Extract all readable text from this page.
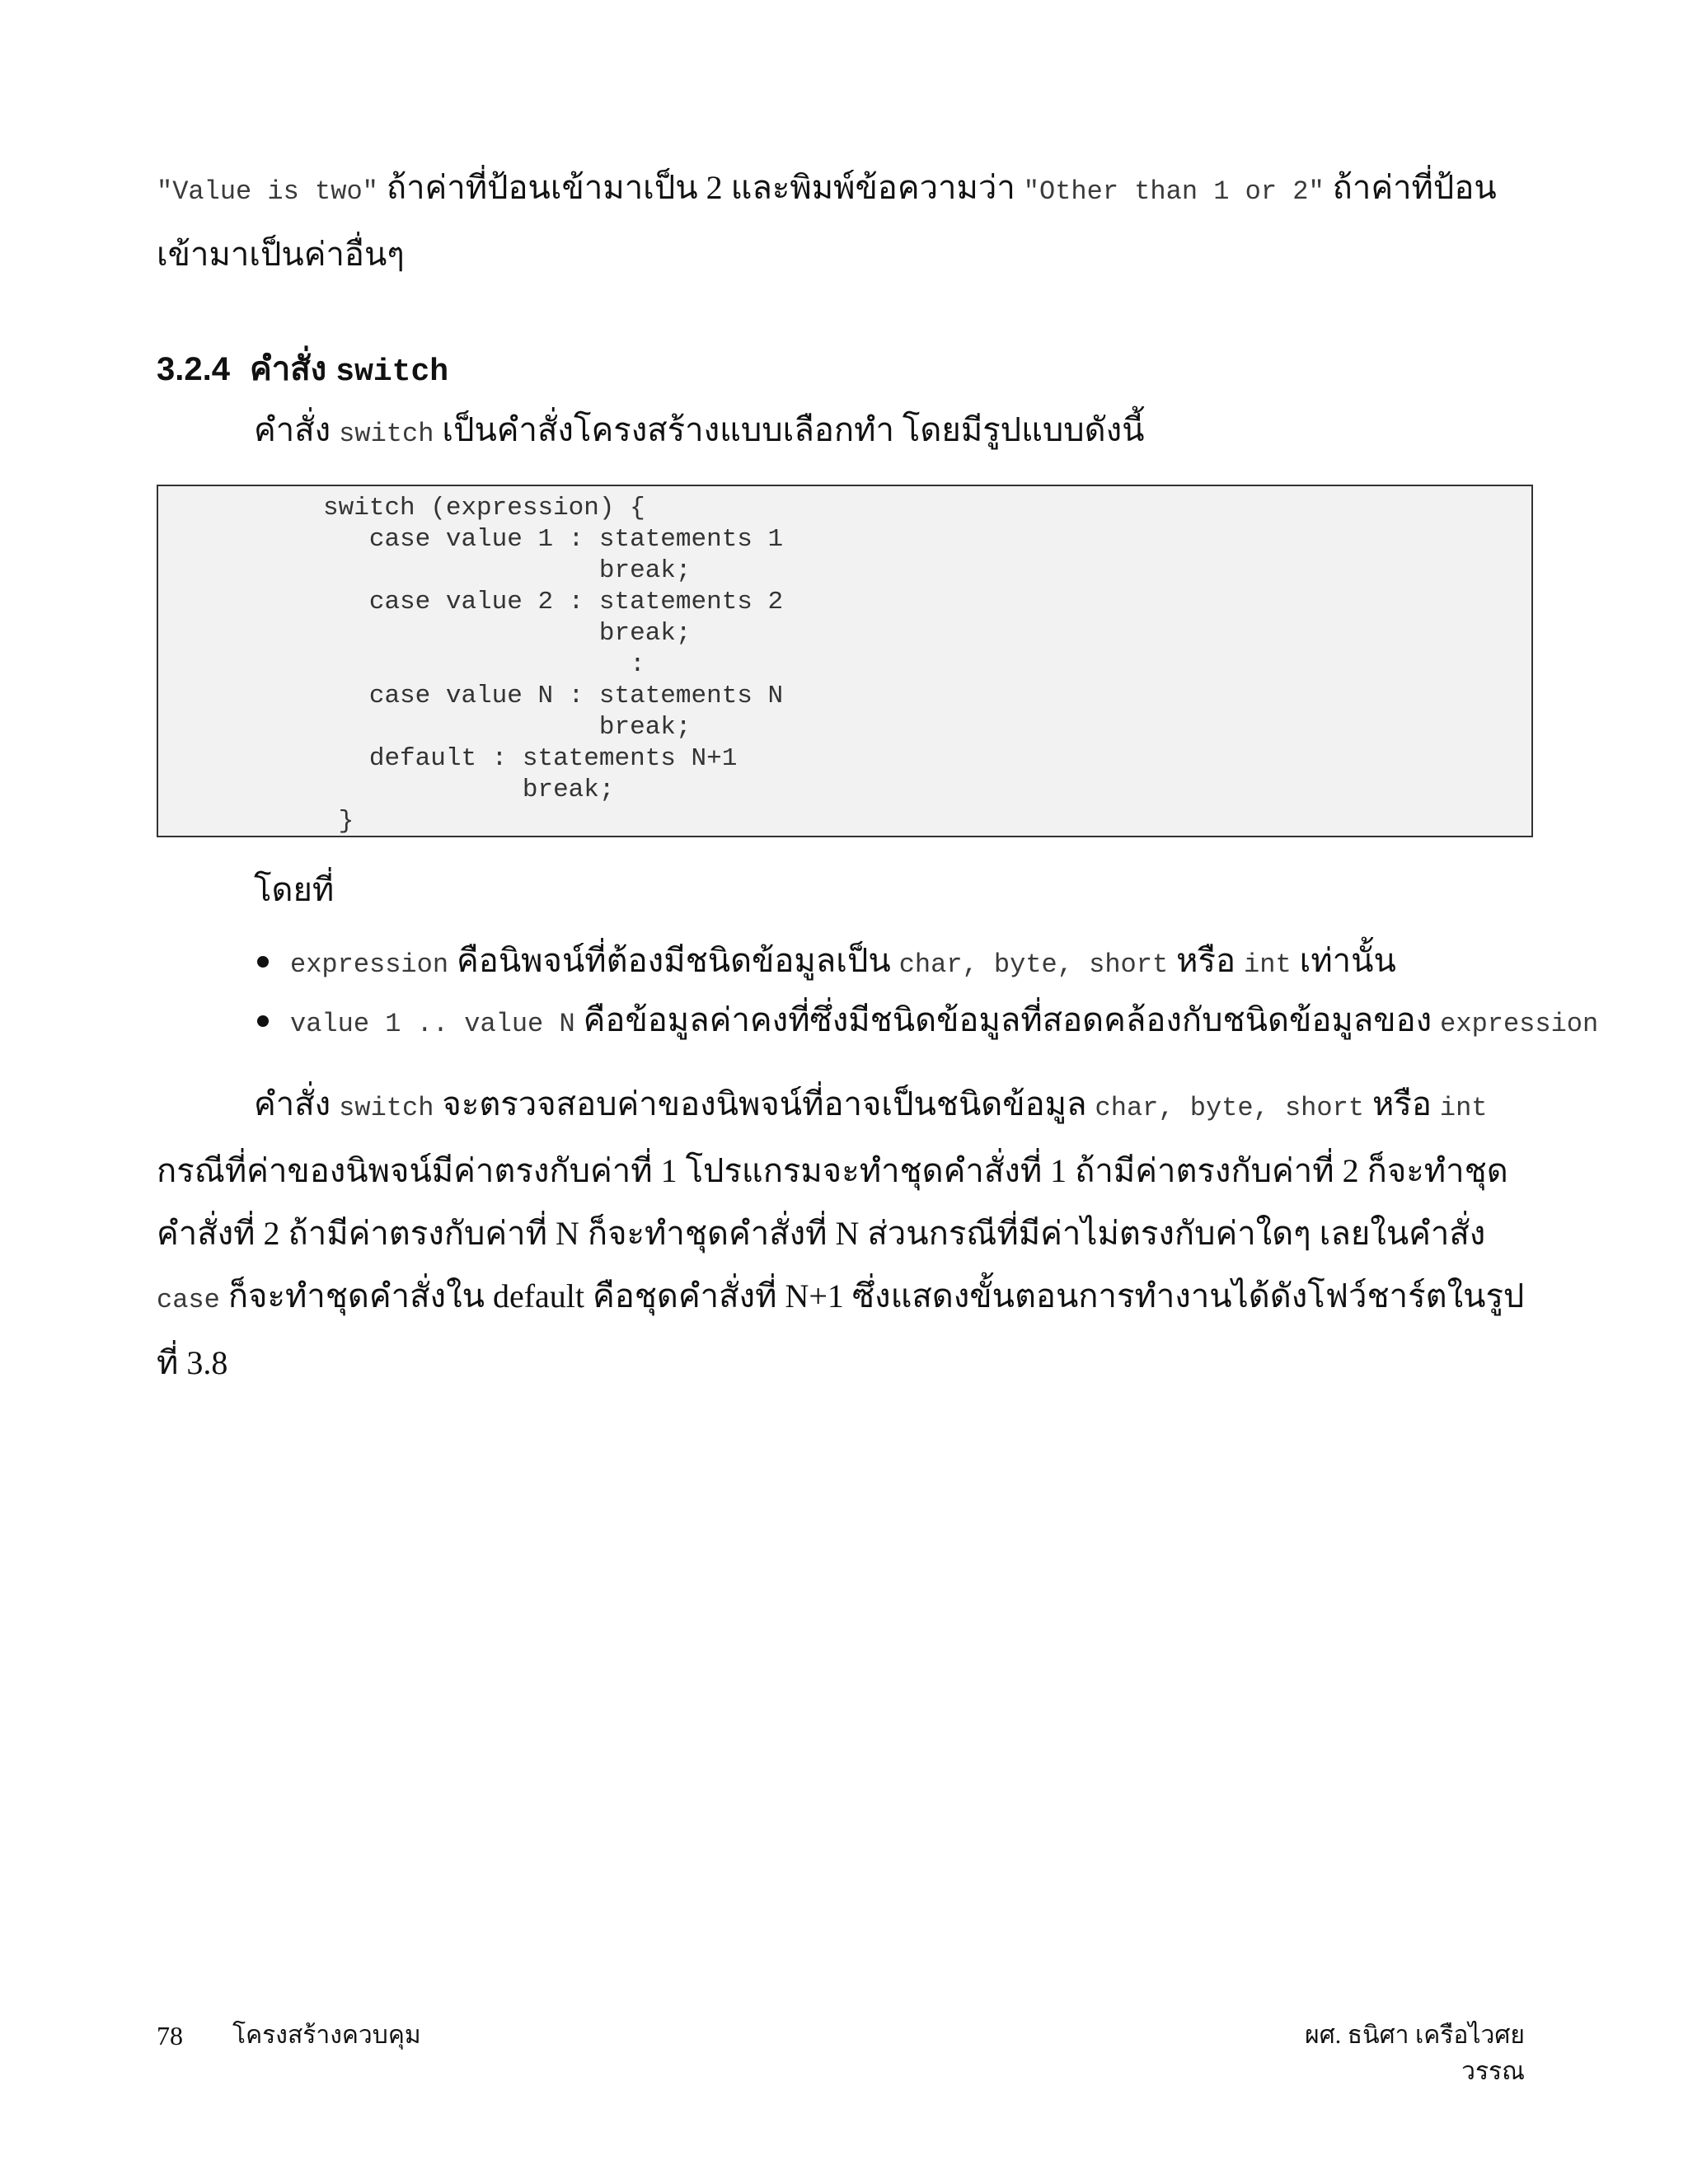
"Value is two" ถ้าค่าที่ป้อนเข้ามาเป็น 2 และพิมพ์ข้อความว่า "Other than 1 or 2" ถ้าค่าที่ป้อนเข้ามาเป็นค่าอื่นๆ

3.2.4 คำสั่ง switch

คำสั่ง switch เป็นคำสั่งโครงสร้างแบบเลือกทำ โดยมีรูปแบบดังนี้

switch (expression) {
case value 1 : statements 1
break;
case value 2 : statements 2
break;
:
case value N : statements N
break;
default : statements N+1
break;
}

โดยที่

expression คือนิพจน์ที่ต้องมีชนิดข้อมูลเป็น char, byte, short หรือ int เท่านั้น
value 1 .. value N คือข้อมูลค่าคงที่ซึ่งมีชนิดข้อมูลที่สอดคล้องกับชนิดข้อมูลของ expression

คำสั่ง switch จะตรวจสอบค่าของนิพจน์ที่อาจเป็นชนิดข้อมูล char, byte, short หรือ int กรณีที่ค่าของนิพจน์มีค่าตรงกับค่าที่ 1 โปรแกรมจะทำชุดคำสั่งที่ 1 ถ้ามีค่าตรงกับค่าที่ 2 ก็จะทำชุดคำสั่งที่ 2 ถ้ามีค่าตรงกับค่าที่ N ก็จะทำชุดคำสั่งที่ N ส่วนกรณีที่มีค่าไม่ตรงกับค่าใดๆ เลยในคำสั่ง case ก็จะทำชุดคำสั่งใน default คือชุดคำสั่งที่ N+1 ซึ่งแสดงขั้นตอนการทำงานได้ดังโฟว์ชาร์ตในรูปที่ 3.8

78 โครงสร้างควบคุม	ผศ. ธนิศา เครือไวศยวรรณ
